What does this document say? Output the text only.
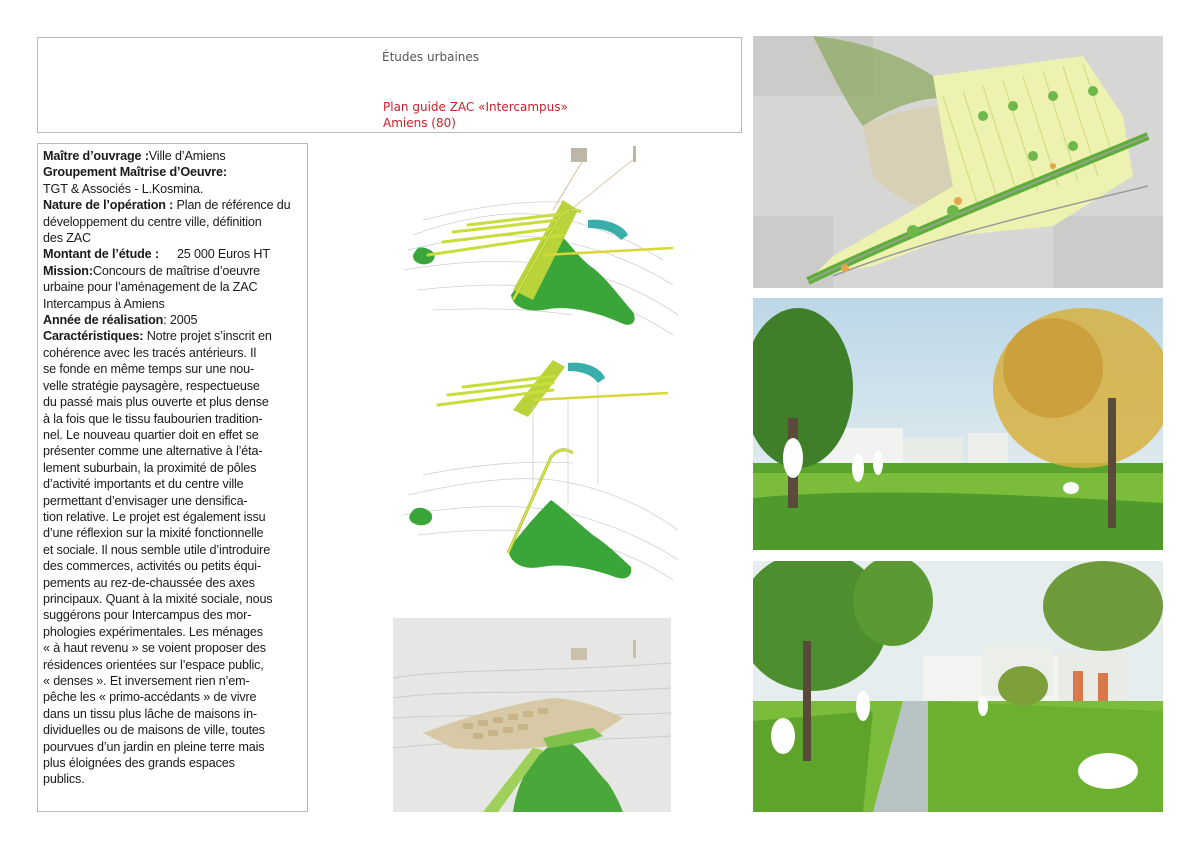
Études urbaines
Plan guide ZAC «Intercampus»
Amiens (80)
Maître d’ouvrage :Ville d’Amiens
Groupement Maîtrise d’Oeuvre:
TGT & Associés - L.Kosmina.
Nature de l’opération : Plan de référence du
développement du centre ville, définition
des ZAC
Montant de l’étude : 25 000 Euros HT
Mission:Concours de maîtrise d’oeuvre
urbaine pour l’aménagement de la ZAC
Intercampus à Amiens
Année de réalisation: 2005
Caractéristiques: Notre projet s’inscrit en
cohérence avec les tracés antérieurs. Il
se fonde en même temps sur une nou-
velle stratégie paysagère, respectueuse
du passé mais plus ouverte et plus dense
à la fois que le tissu faubourien tradition-
nel. Le nouveau quartier doit en effet se
présenter comme une alternative à l’éta-
lement suburbain, la proximité de pôles
d’activité importants et du centre ville
permettant d’envisager une densifica-
tion relative. Le projet est également issu
d’une réflexion sur la mixité fonctionnelle
et sociale. Il nous semble utile d’introduire
des commerces, activités ou petits équi-
pements au rez-de-chaussée des axes
principaux. Quant à la mixité sociale, nous
suggérons pour Intercampus des mor-
phologies expérimentales. Les ménages
« à haut revenu » se voient proposer des
résidences orientées sur l’espace public,
« denses ». Et inversement rien n’em-
pêche les « primo-accédants » de vivre
dans un tissu plus lâche de maisons in-
dividuelles ou de maisons de ville, toutes
pourvues d’un jardin en pleine terre mais
plus éloignées des grands espaces
publics.
